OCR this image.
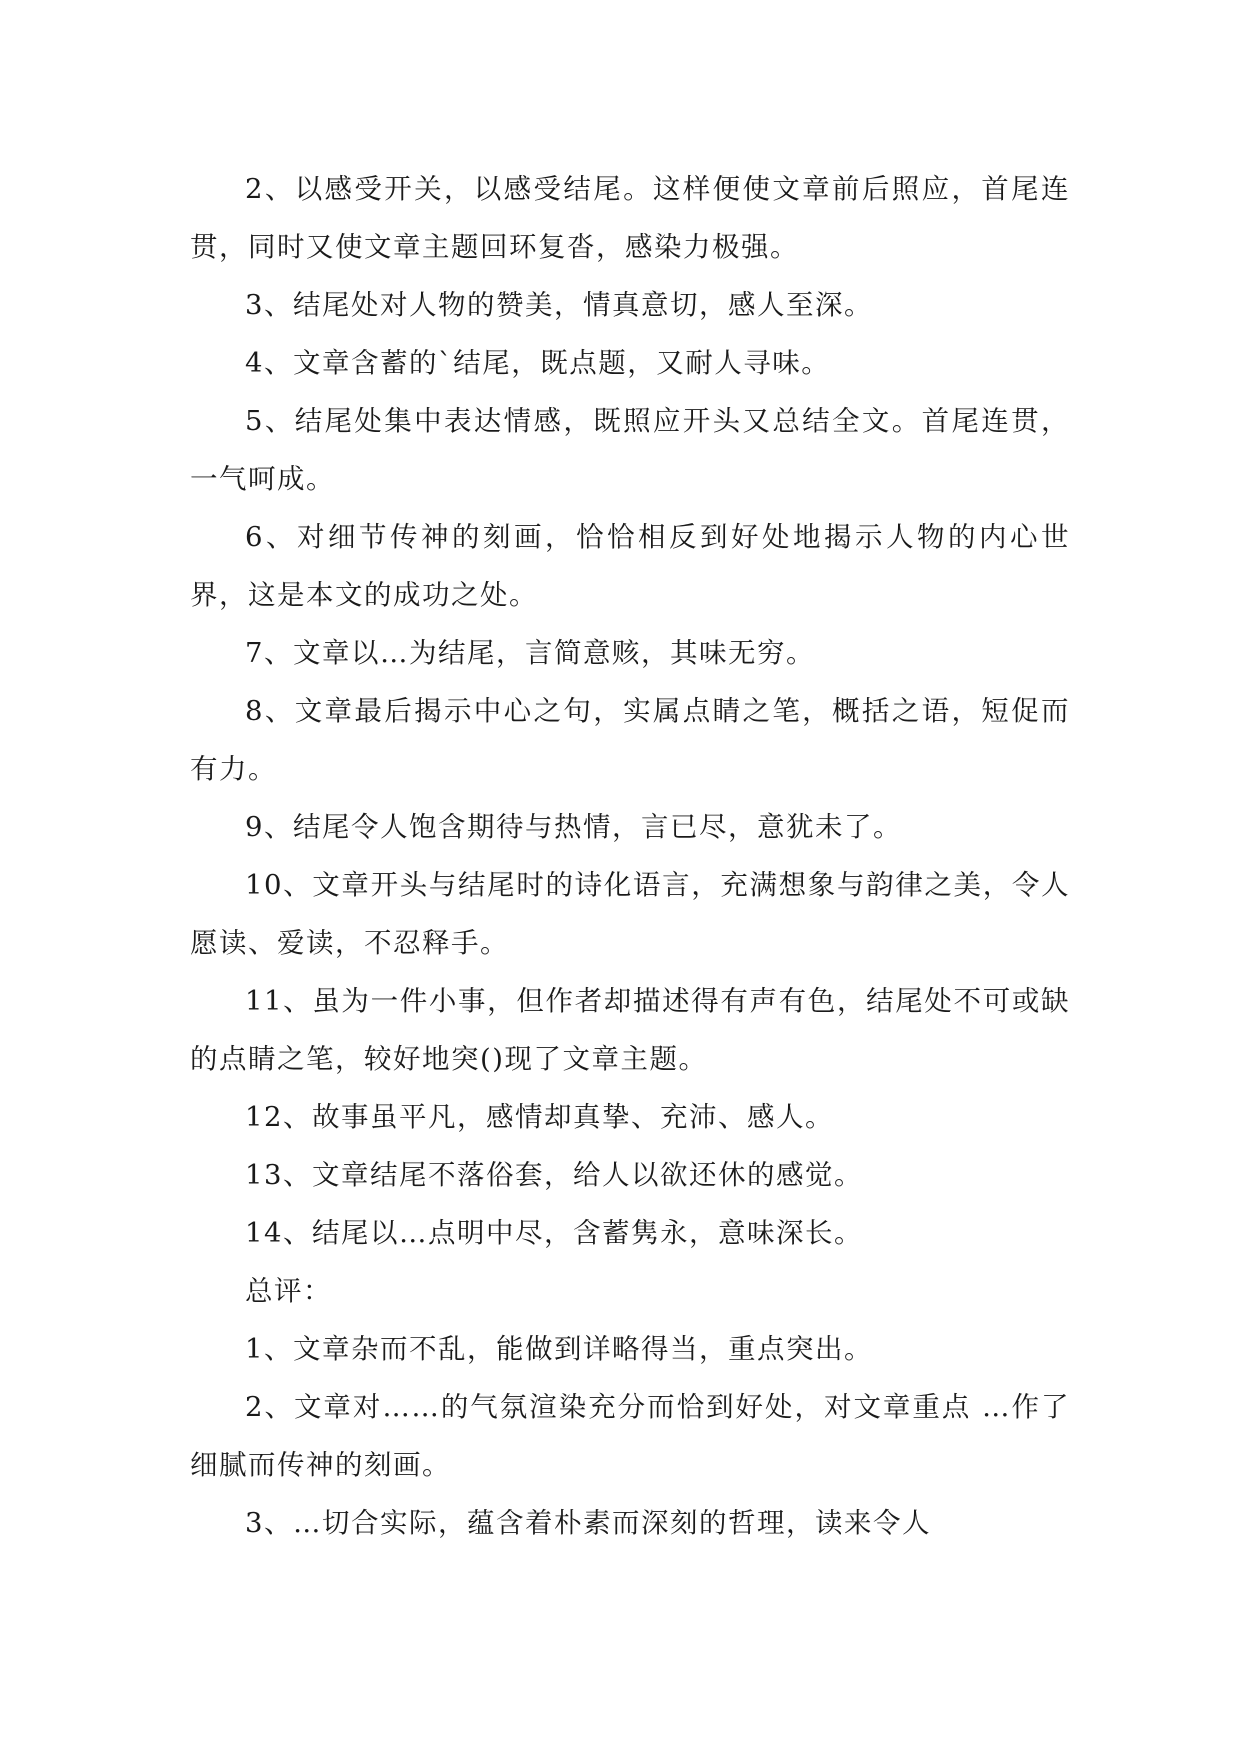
2、以感受开关，以感受结尾。这样便使文章前后照应，首尾连贯，同时又使文章主题回环复沓，感染力极强。

3、结尾处对人物的赞美，情真意切，感人至深。

4、文章含蓄的`结尾，既点题，又耐人寻味。

5、结尾处集中表达情感，既照应开头又总结全文。首尾连贯，一气呵成。

6、对细节传神的刻画，恰恰相反到好处地揭示人物的内心世界，这是本文的成功之处。

7、文章以…为结尾，言简意赅，其味无穷。

8、文章最后揭示中心之句，实属点睛之笔，概括之语，短促而有力。

9、结尾令人饱含期待与热情，言已尽，意犹未了。

10、文章开头与结尾时的诗化语言，充满想象与韵律之美，令人愿读、爱读，不忍释手。

11、虽为一件小事，但作者却描述得有声有色，结尾处不可或缺的点睛之笔，较好地突()现了文章主题。

12、故事虽平凡，感情却真挚、充沛、感人。

13、文章结尾不落俗套，给人以欲还休的感觉。

14、结尾以…点明中尽，含蓄隽永，意味深长。

总评：

1、文章杂而不乱，能做到详略得当，重点突出。

2、文章对……的气氛渲染充分而恰到好处，对文章重点 …作了细腻而传神的刻画。

3、…切合实际，蕴含着朴素而深刻的哲理，读来令人
